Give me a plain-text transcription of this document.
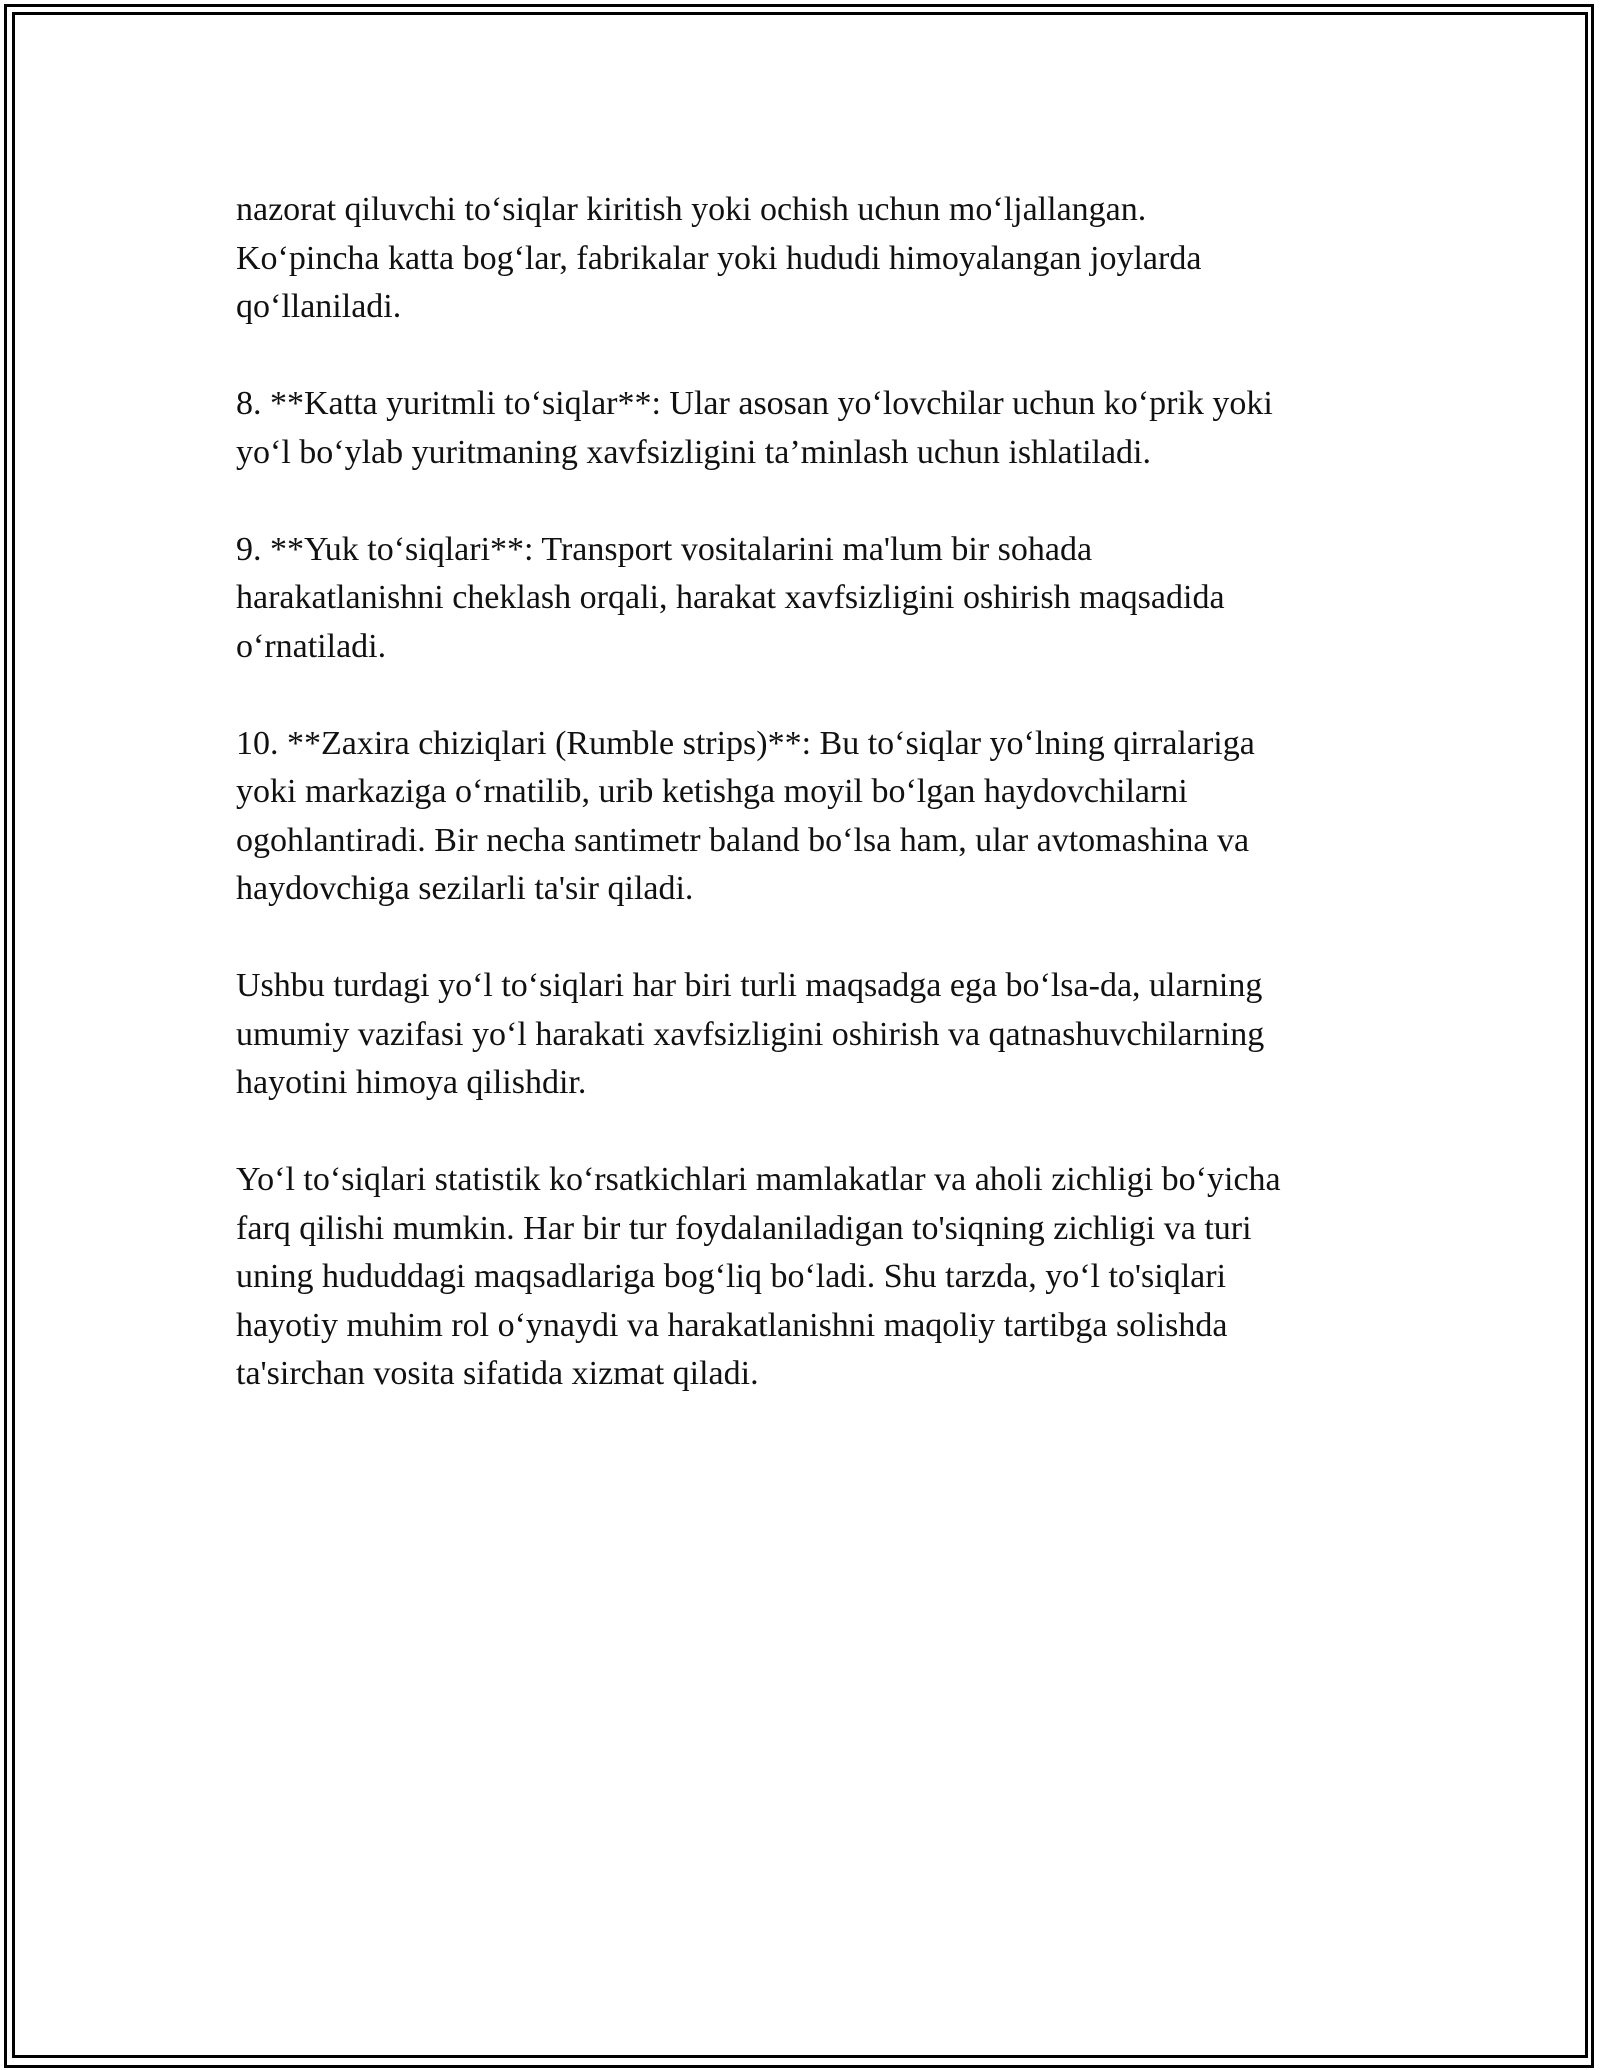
nazorat qiluvchi to‘siqlar kiritish yoki ochish uchun mo‘ljallangan.
Ko‘pincha katta bog‘lar, fabrikalar yoki hududi himoyalangan joylarda
qo‘llaniladi.

8. **Katta yuritmli to‘siqlar**: Ular asosan yo‘lovchilar uchun ko‘prik yoki
yo‘l bo‘ylab yuritmaning xavfsizligini ta’minlash uchun ishlatiladi.

9. **Yuk to‘siqlari**: Transport vositalarini ma'lum bir sohada
harakatlanishni cheklash orqali, harakat xavfsizligini oshirish maqsadida
o‘rnatiladi.

10. **Zaxira chiziqlari (Rumble strips)**: Bu to‘siqlar yo‘lning qirralariga
yoki markaziga o‘rnatilib, urib ketishga moyil bo‘lgan haydovchilarni
ogohlantiradi. Bir necha santimetr baland bo‘lsa ham, ular avtomashina va
haydovchiga sezilarli ta'sir qiladi.

Ushbu turdagi yo‘l to‘siqlari har biri turli maqsadga ega bo‘lsa-da, ularning
umumiy vazifasi yo‘l harakati xavfsizligini oshirish va qatnashuvchilarning
hayotini himoya qilishdir.

Yo‘l to‘siqlari statistik ko‘rsatkichlari mamlakatlar va aholi zichligi bo‘yicha
farq qilishi mumkin. Har bir tur foydalaniladigan to'siqning zichligi va turi
uning hududdagi maqsadlariga bog‘liq bo‘ladi. Shu tarzda, yo‘l to'siqlari
hayotiy muhim rol o‘ynaydi va harakatlanishni maqoliy tartibga solishda
ta'sirchan vosita sifatida xizmat qiladi.
